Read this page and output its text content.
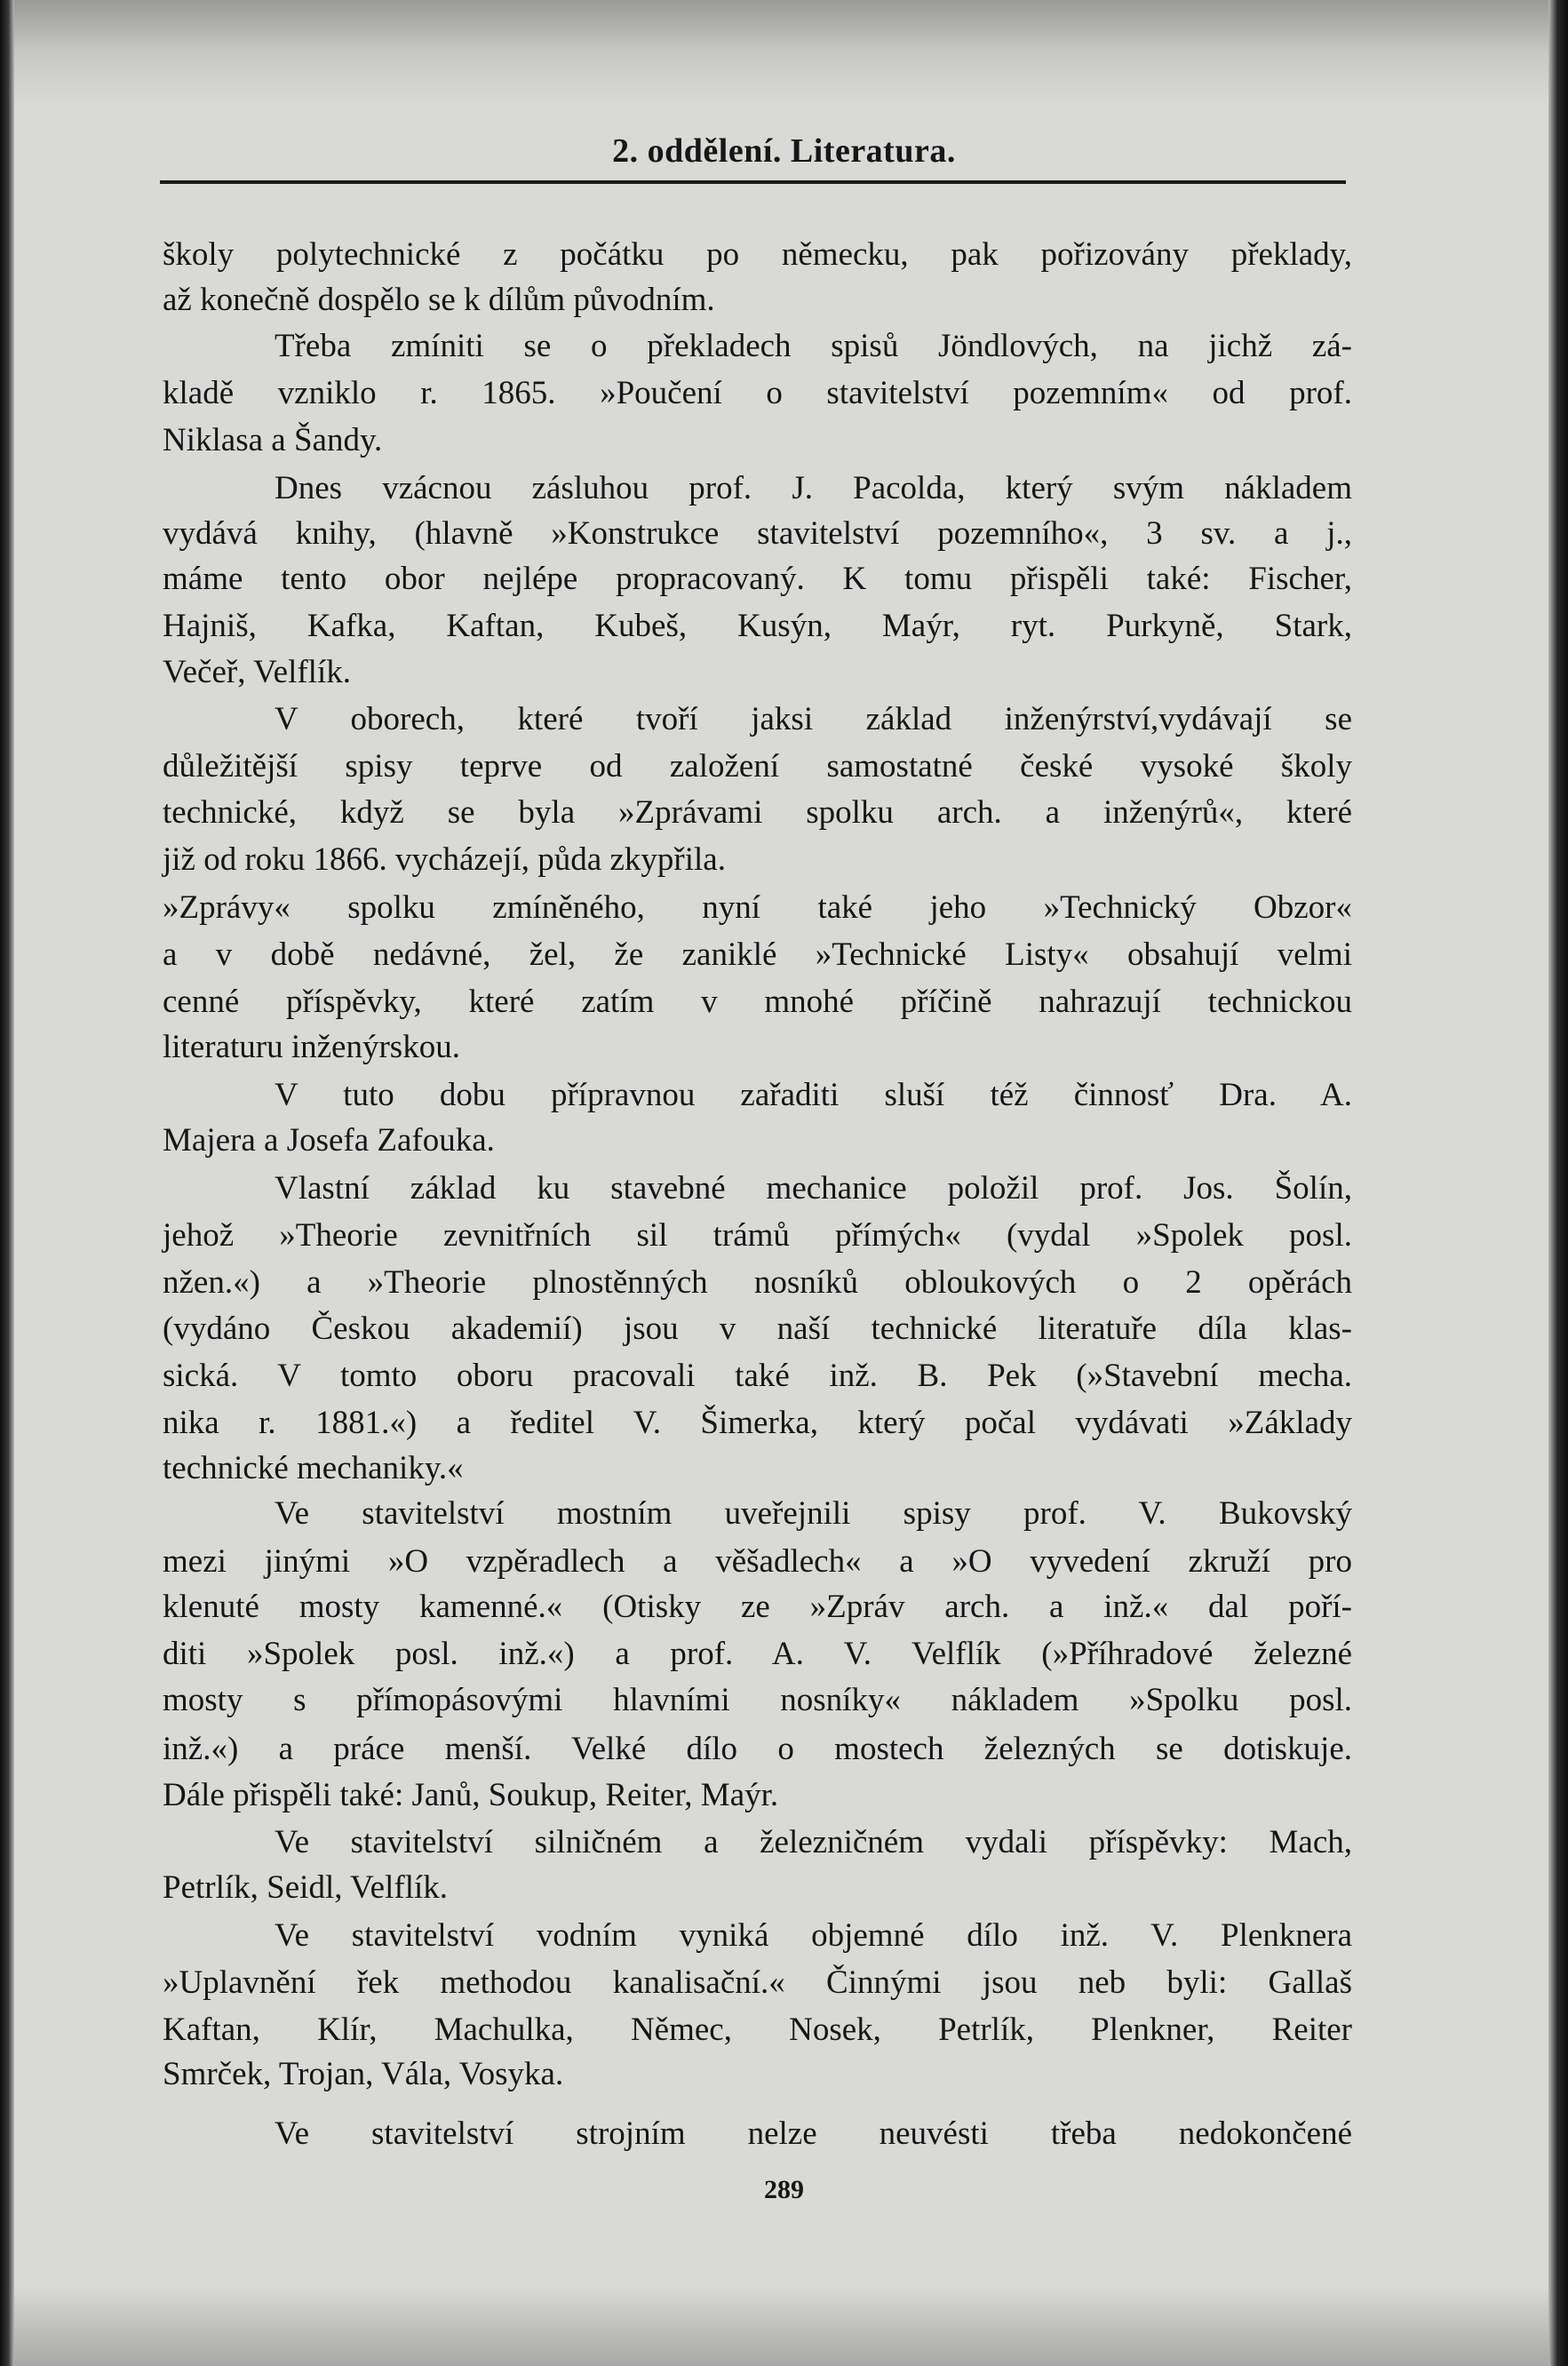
2. oddělení. Literatura.
školy polytechnické z počátku po německu, pak pořizovány překlady,
až konečně dospělo se k dílům původním.
Třeba zmíniti se o překladech spisů Jöndlových, na jichž zá-
kladě vzniklo r. 1865. »Poučení o stavitelství pozemním« od prof.
Niklasa a Šandy.
Dnes vzácnou zásluhou prof. J. Pacolda, který svým nákladem
vydává knihy, (hlavně »Konstrukce stavitelství pozemního«, 3 sv. a j.,
máme tento obor nejlépe propracovaný. K tomu přispěli také: Fischer,
Hajniš, Kafka, Kaftan, Kubeš, Kusýn, Maýr, ryt. Purkyně, Stark,
Večeř, Velflík.
V oborech, které tvoří jaksi základ inženýrství,vydávají se
důležitější spisy teprve od založení samostatné české vysoké školy
technické, když se byla »Zprávami spolku arch. a inženýrů«, které
již od roku 1866. vycházejí, půda zkypřila.
»Zprávy« spolku zmíněného, nyní také jeho »Technický Obzor«
a v době nedávné, žel, že zaniklé »Technické Listy« obsahují velmi
cenné příspěvky, které zatím v mnohé příčině nahrazují technickou
literaturu inženýrskou.
V tuto dobu přípravnou zařaditi sluší též činnosť Dra. A.
Majera a Josefa Zafouka.
Vlastní základ ku stavebné mechanice položil prof. Jos. Šolín,
jehož »Theorie zevnitřních sil trámů přímých« (vydal »Spolek posl.
nžen.«) a »Theorie plnostěnných nosníků obloukových o 2 opěrách
(vydáno Českou akademií) jsou v naší technické literatuře díla klas-
sická. V tomto oboru pracovali také inž. B. Pek (»Stavební mecha.
nika r. 1881.«) a ředitel V. Šimerka, který počal vydávati »Základy
technické mechaniky.«
Ve stavitelství mostním uveřejnili spisy prof. V. Bukovský
mezi jinými »O vzpěradlech a věšadlech« a »O vyvedení zkruží pro
klenuté mosty kamenné.« (Otisky ze »Zpráv arch. a inž.« dal poří-
diti »Spolek posl. inž.«) a prof. A. V. Velflík (»Příhradové železné
mosty s přímopásovými hlavními nosníky« nákladem »Spolku posl.
inž.«) a práce menší. Velké dílo o mostech železných se dotiskuje.
Dále přispěli také: Janů, Soukup, Reiter, Maýr.
Ve stavitelství silničném a železničném vydali příspěvky: Mach,
Petrlík, Seidl, Velflík.
Ve stavitelství vodním vyniká objemné dílo inž. V. Plenknera
»Uplavnění řek methodou kanalisační.« Činnými jsou neb byli: Gallaš
Kaftan, Klír, Machulka, Němec, Nosek, Petrlík, Plenkner, Reiter
Smrček, Trojan, Vála, Vosyka.
Ve stavitelství strojním nelze neuvésti třeba nedokončené
289
